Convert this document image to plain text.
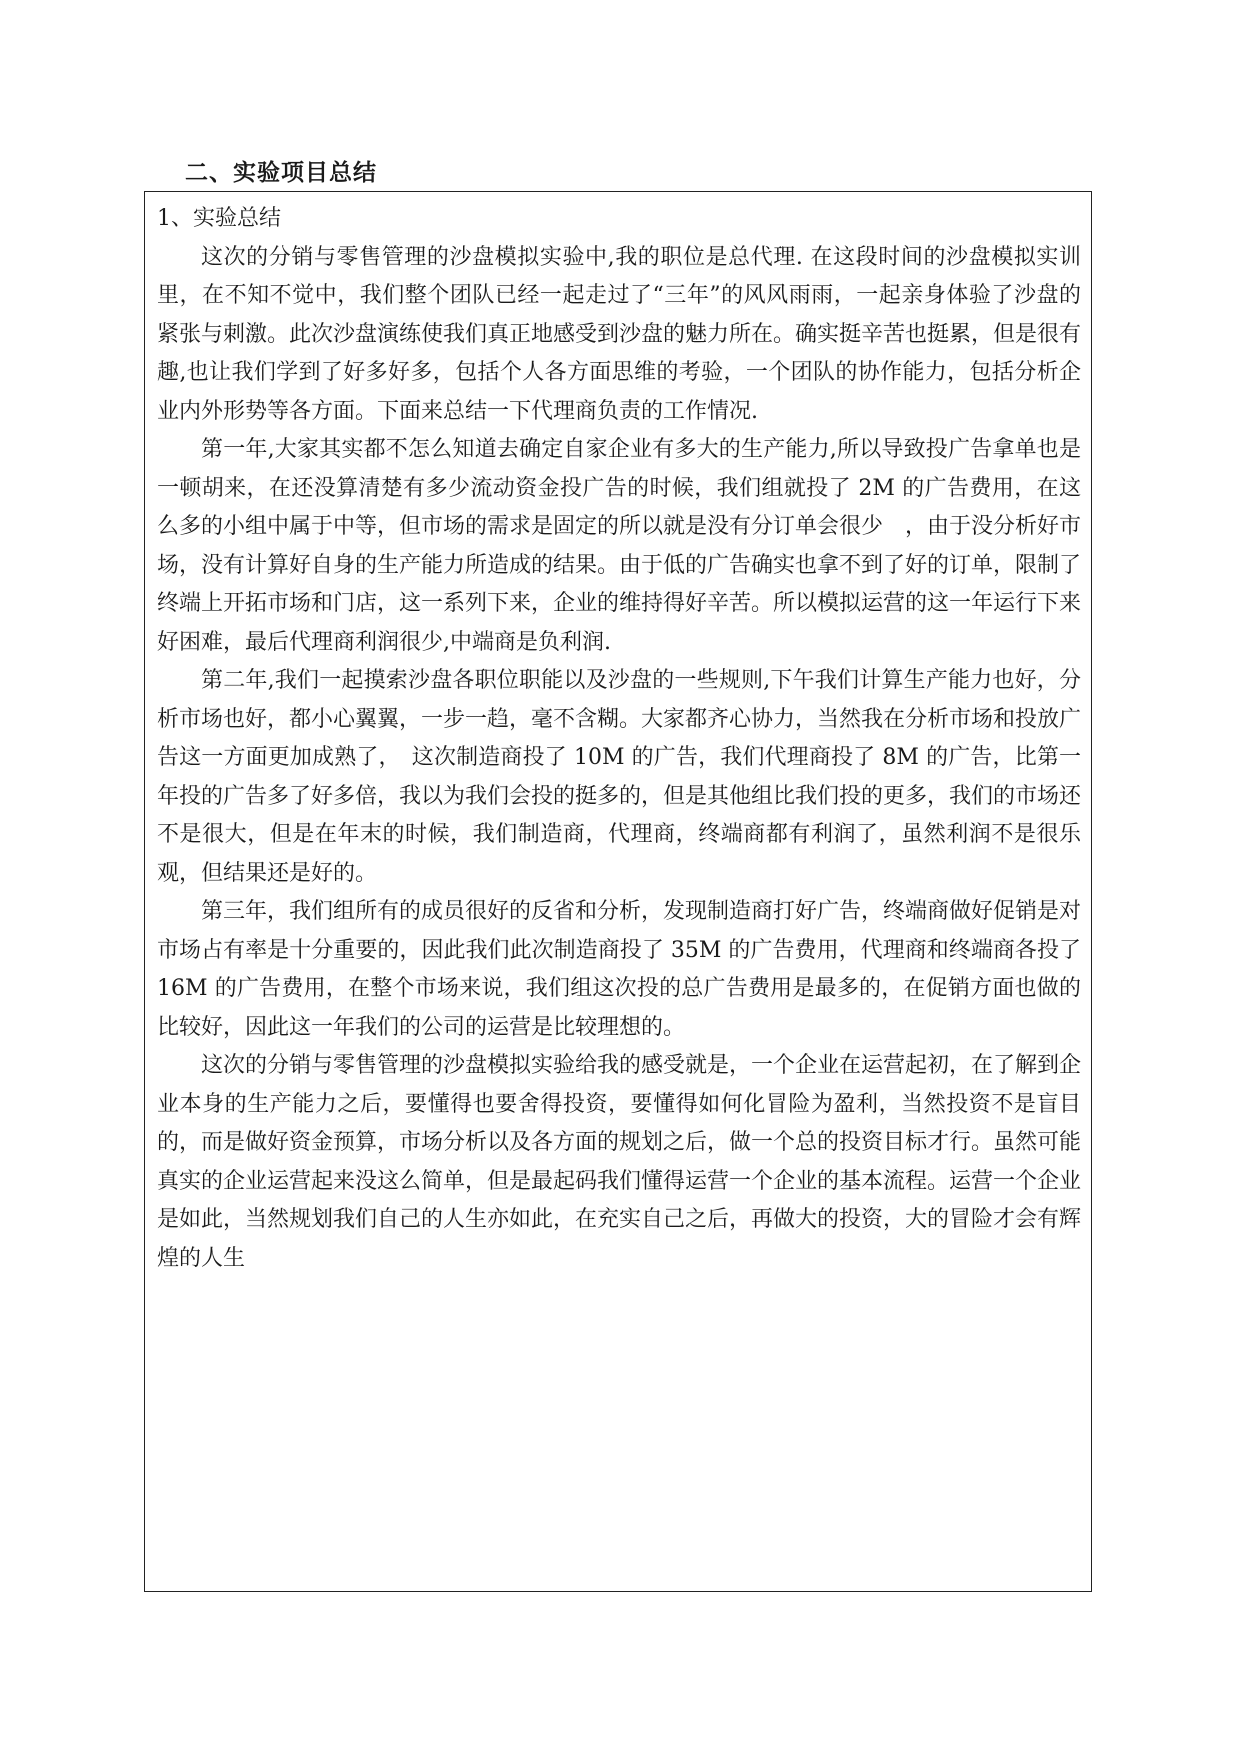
二、实验项目总结

1、实验总结

这次的分销与零售管理的沙盘模拟实验中,我的职位是总代理. 在这段时间的沙盘模拟实训里，在不知不觉中，我们整个团队已经一起走过了“三年”的风风雨雨，一起亲身体验了沙盘的紧张与刺激。此次沙盘演练使我们真正地感受到沙盘的魅力所在。确实挺辛苦也挺累，但是很有趣,也让我们学到了好多好多，包括个人各方面思维的考验，一个团队的协作能力，包括分析企业内外形势等各方面。下面来总结一下代理商负责的工作情况.

第一年,大家其实都不怎么知道去确定自家企业有多大的生产能力,所以导致投广告拿单也是一顿胡来，在还没算清楚有多少流动资金投广告的时候，我们组就投了 2M 的广告费用，在这么多的小组中属于中等，但市场的需求是固定的所以就是没有分订单会很少　，由于没分析好市场，没有计算好自身的生产能力所造成的结果。由于低的广告确实也拿不到了好的订单，限制了终端上开拓市场和门店，这一系列下来，企业的维持得好辛苦。所以模拟运营的这一年运行下来好困难，最后代理商利润很少,中端商是负利润.

第二年,我们一起摸索沙盘各职位职能以及沙盘的一些规则,下午我们计算生产能力也好，分析市场也好，都小心翼翼，一步一趋，毫不含糊。大家都齐心协力，当然我在分析市场和投放广告这一方面更加成熟了，　这次制造商投了 10M 的广告，我们代理商投了 8M 的广告，比第一年投的广告多了好多倍，我以为我们会投的挺多的，但是其他组比我们投的更多，我们的市场还不是很大，但是在年末的时候，我们制造商，代理商，终端商都有利润了，虽然利润不是很乐观，但结果还是好的。

第三年，我们组所有的成员很好的反省和分析，发现制造商打好广告，终端商做好促销是对市场占有率是十分重要的，因此我们此次制造商投了 35M 的广告费用，代理商和终端商各投了 16M 的广告费用，在整个市场来说，我们组这次投的总广告费用是最多的，在促销方面也做的比较好，因此这一年我们的公司的运营是比较理想的。

这次的分销与零售管理的沙盘模拟实验给我的感受就是，一个企业在运营起初，在了解到企业本身的生产能力之后，要懂得也要舍得投资，要懂得如何化冒险为盈利，当然投资不是盲目的，而是做好资金预算，市场分析以及各方面的规划之后，做一个总的投资目标才行。虽然可能真实的企业运营起来没这么简单，但是最起码我们懂得运营一个企业的基本流程。运营一个企业是如此，当然规划我们自己的人生亦如此，在充实自己之后，再做大的投资，大的冒险才会有辉煌的人生
